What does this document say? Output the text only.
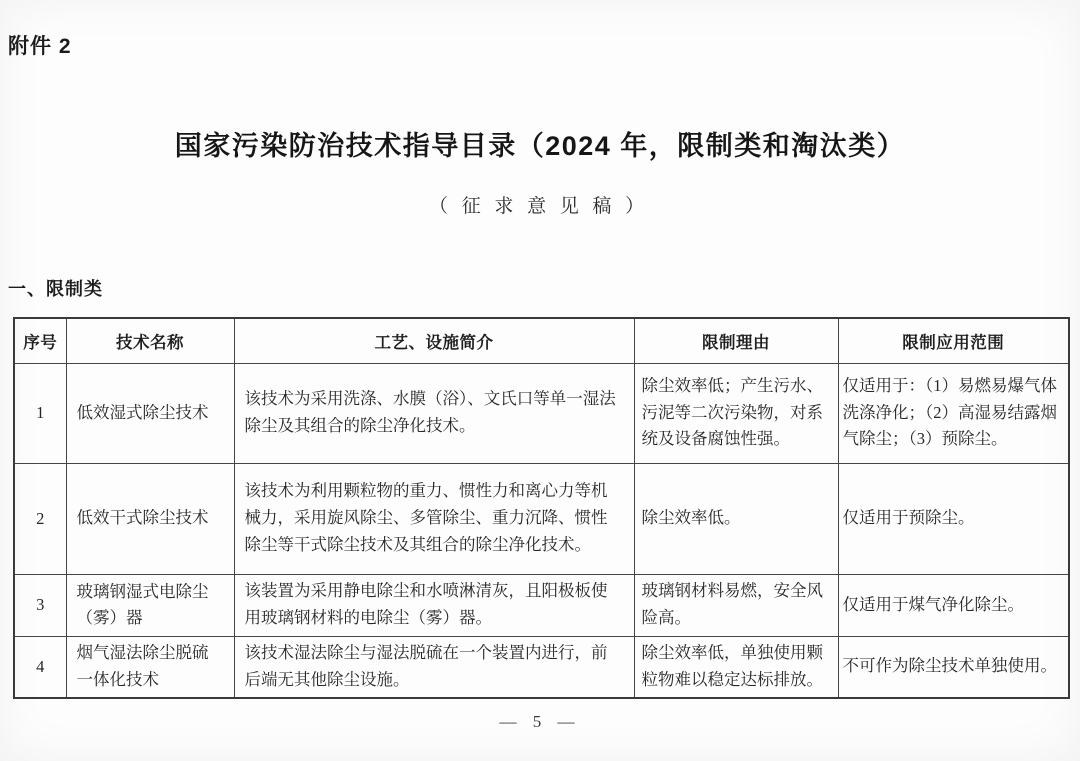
附件 2
国家污染防治技术指导目录（2024 年，限制类和淘汰类）
（征求意见稿）
一、限制类
序号	技术名称	工艺、设施简介	限制理由	限制应用范围
1	低效湿式除尘技术	该技术为采用洗涤、水膜（浴）、文氏口等单一湿法除尘及其组合的除尘净化技术。	除尘效率低；产生污水、污泥等二次污染物，对系统及设备腐蚀性强。	仅适用于：（1）易燃易爆气体洗涤净化；（2）高湿易结露烟气除尘；（3）预除尘。
2	低效干式除尘技术	该技术为利用颗粒物的重力、惯性力和离心力等机械力，采用旋风除尘、多管除尘、重力沉降、惯性除尘等干式除尘技术及其组合的除尘净化技术。	除尘效率低。	仅适用于预除尘。
3	玻璃钢湿式电除尘（雾）器	该装置为采用静电除尘和水喷淋清灰，且阳极板使用玻璃钢材料的电除尘（雾）器。	玻璃钢材料易燃，安全风险高。	仅适用于煤气净化除尘。
4	烟气湿法除尘脱硫一体化技术	该技术湿法除尘与湿法脱硫在一个装置内进行，前后端无其他除尘设施。	除尘效率低，单独使用颗粒物难以稳定达标排放。	不可作为除尘技术单独使用。
— 5 —
